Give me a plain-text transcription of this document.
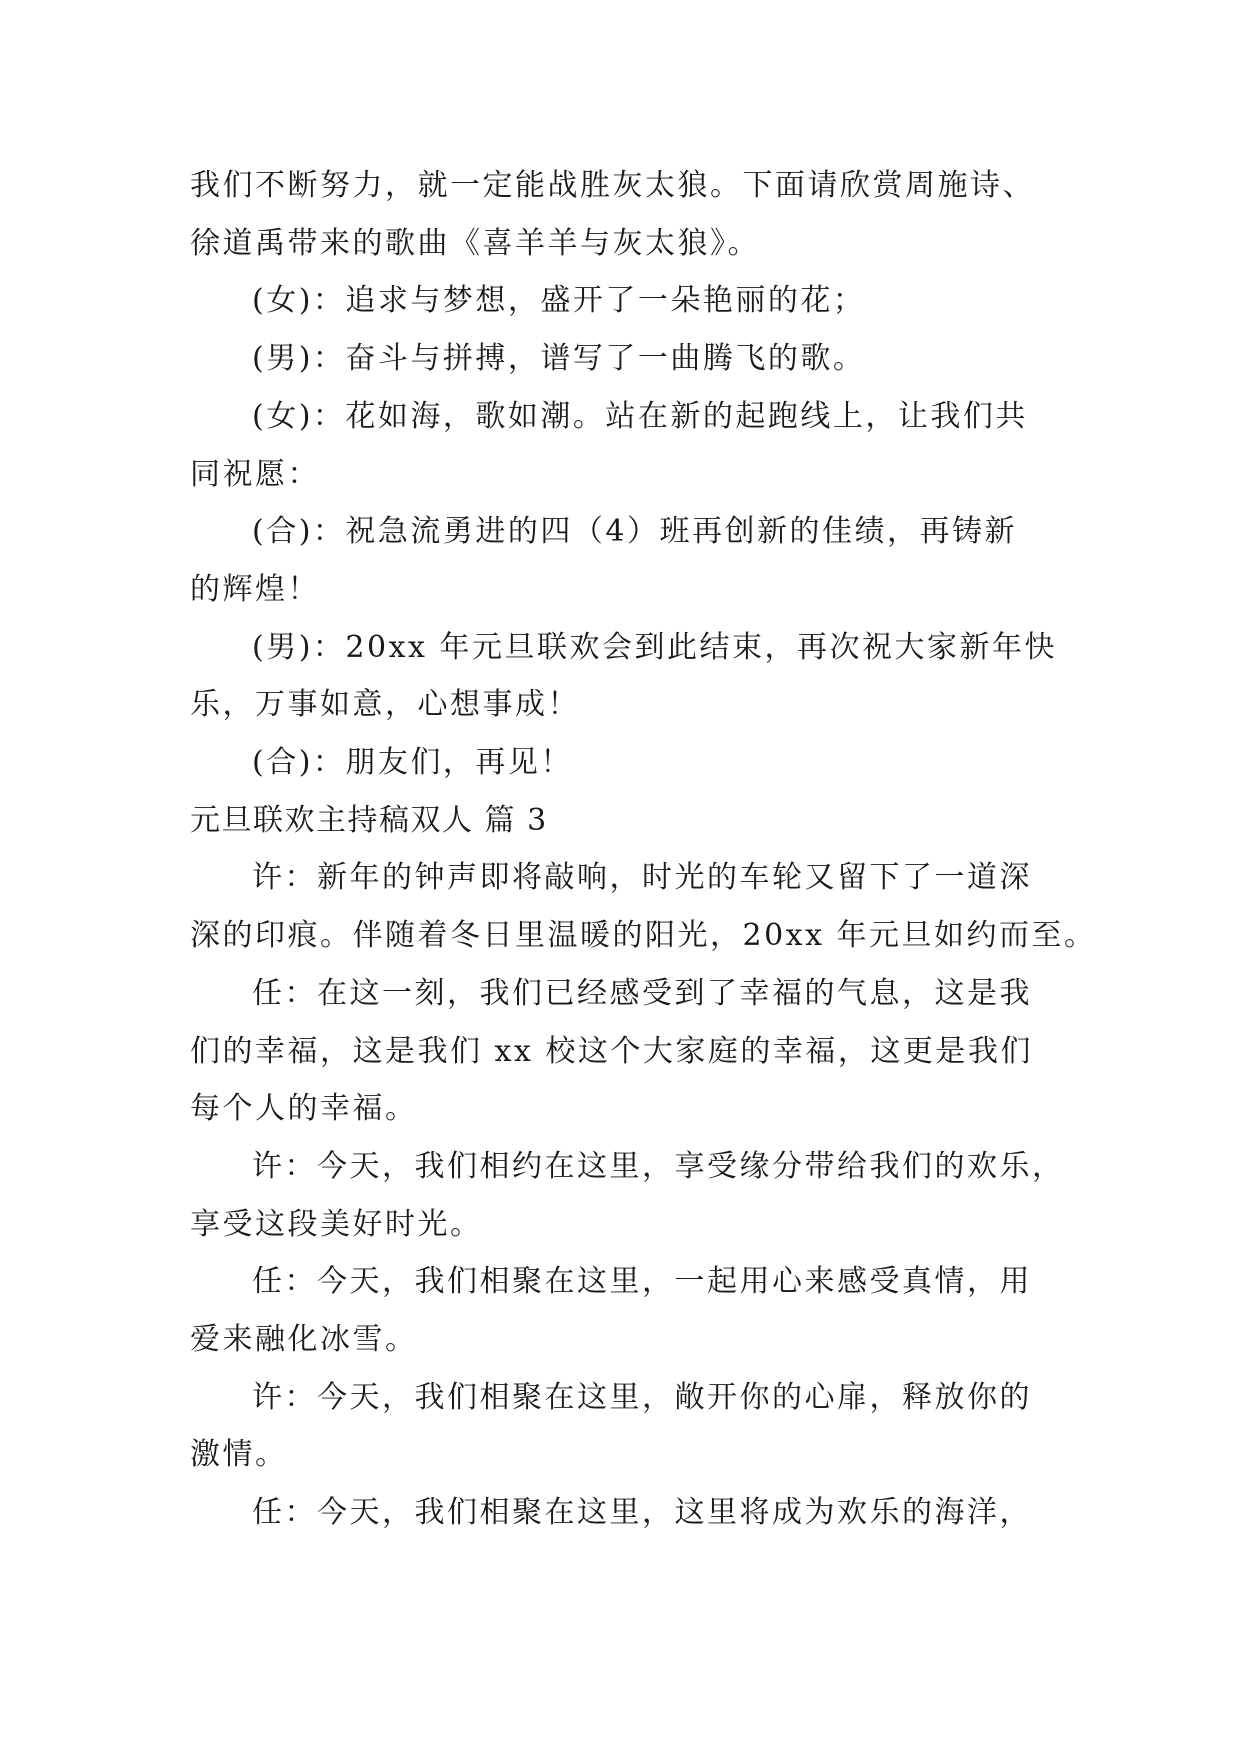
我们不断努力，就一定能战胜灰太狼。下面请欣赏周施诗、

徐道禹带来的歌曲《喜羊羊与灰太狼》。

(女)：追求与梦想，盛开了一朵艳丽的花；

(男)：奋斗与拼搏，谱写了一曲腾飞的歌。

(女)：花如海，歌如潮。站在新的起跑线上，让我们共

同祝愿：

(合)：祝急流勇进的四（4）班再创新的佳绩，再铸新

的辉煌！

(男)：20xx 年元旦联欢会到此结束，再次祝大家新年快

乐，万事如意，心想事成！

(合)：朋友们，再见！

元旦联欢主持稿双人 篇 3

许：新年的钟声即将敲响，时光的车轮又留下了一道深

深的印痕。伴随着冬日里温暖的阳光，20xx 年元旦如约而至。

任：在这一刻，我们已经感受到了幸福的气息，这是我

们的幸福，这是我们 xx 校这个大家庭的幸福，这更是我们

每个人的幸福。

许：今天，我们相约在这里，享受缘分带给我们的欢乐，

享受这段美好时光。

任：今天，我们相聚在这里，一起用心来感受真情，用

爱来融化冰雪。

许：今天，我们相聚在这里，敞开你的心扉，释放你的

激情。

任：今天，我们相聚在这里，这里将成为欢乐的海洋，
